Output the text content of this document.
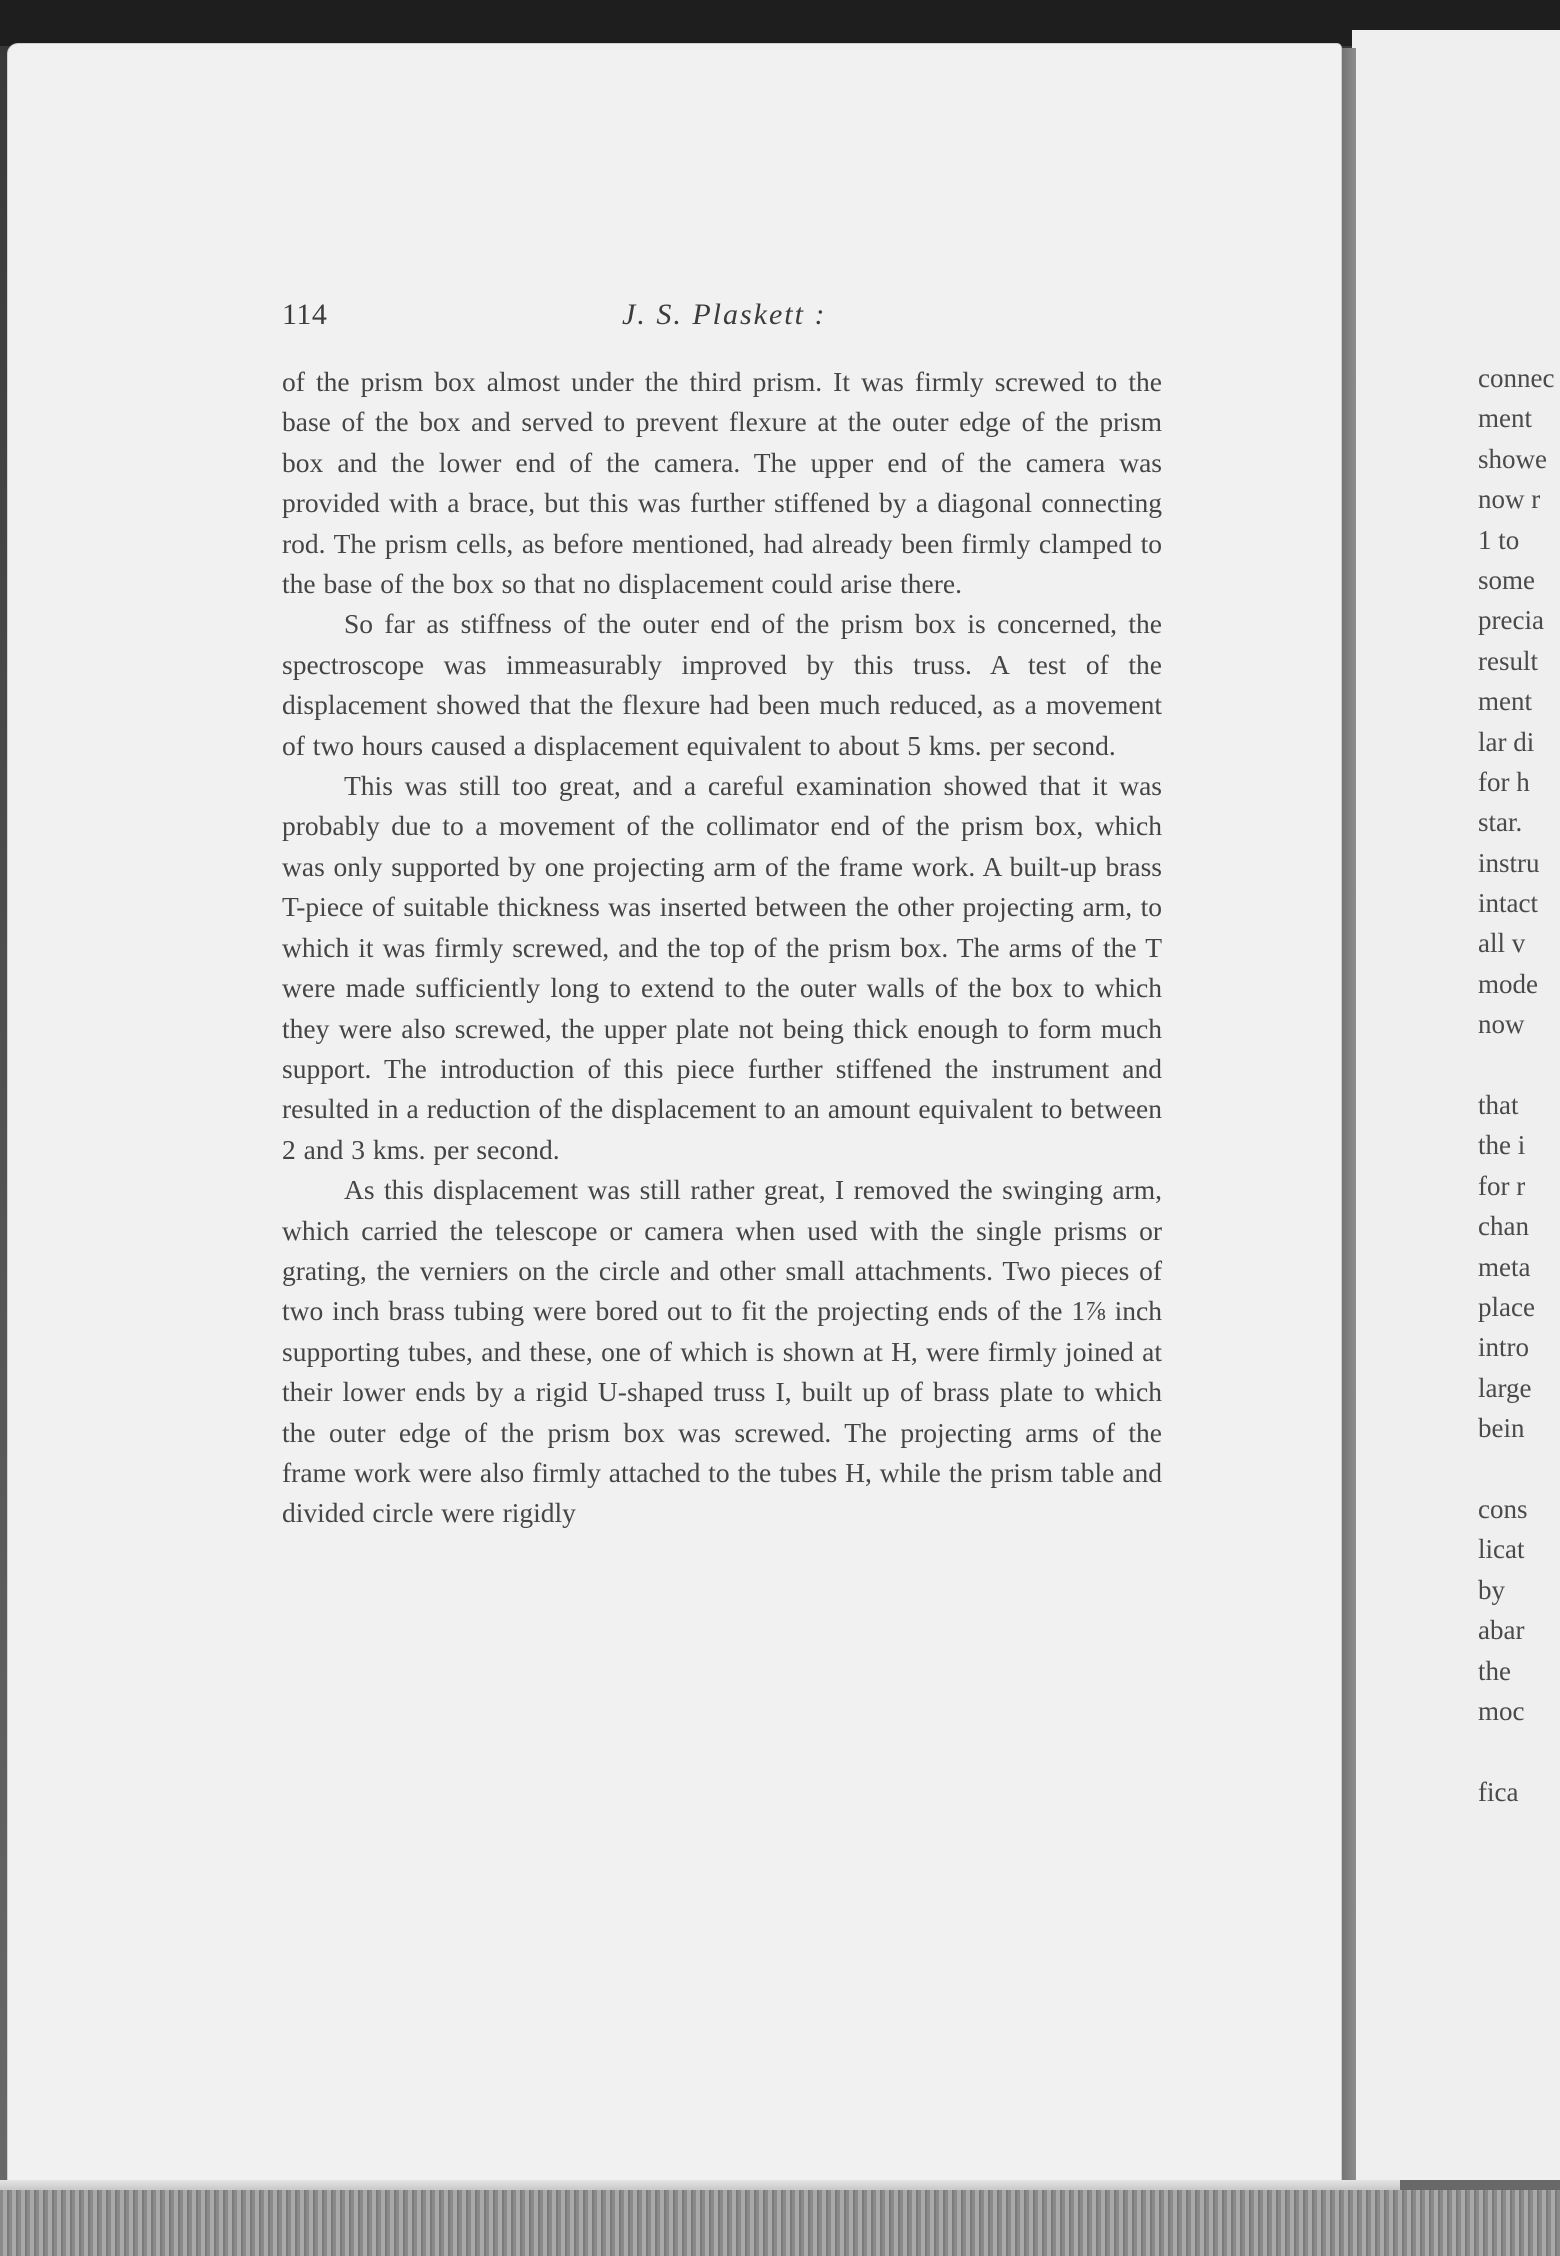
114	J. S. Plaskett :

of the prism box almost under the third prism. It was firmly screwed to the base of the box and served to prevent flexure at the outer edge of the prism box and the lower end of the camera. The upper end of the camera was provided with a brace, but this was further stiffened by a diagonal connecting rod. The prism cells, as before mentioned, had already been firmly clamped to the base of the box so that no displacement could arise there.

So far as stiffness of the outer end of the prism box is concerned, the spectroscope was immeasurably improved by this truss. A test of the displacement showed that the flexure had been much reduced, as a movement of two hours caused a displacement equivalent to about 5 kms. per second.

This was still too great, and a careful examination showed that it was probably due to a movement of the collimator end of the prism box, which was only supported by one projecting arm of the frame work. A built-up brass T-piece of suitable thickness was inserted between the other projecting arm, to which it was firmly screwed, and the top of the prism box. The arms of the T were made sufficiently long to extend to the outer walls of the box to which they were also screwed, the upper plate not being thick enough to form much support. The introduction of this piece further stiffened the instrument and resulted in a reduction of the displacement to an amount equivalent to between 2 and 3 kms. per second.

As this displacement was still rather great, I removed the swinging arm, which carried the telescope or camera when used with the single prisms or grating, the verniers on the circle and other small attachments. Two pieces of two inch brass tubing were bored out to fit the projecting ends of the 1⅞ inch supporting tubes, and these, one of which is shown at H, were firmly joined at their lower ends by a rigid U-shaped truss I, built up of brass plate to which the outer edge of the prism box was screwed. The projecting arms of the frame work were also firmly attached to the tubes H, while the prism table and divided circle were rigidly

connec
ment
showe
now r
1 to
some
precia
result
ment
lar di
for h
star.
instru
intact
all v
mode
now
that
the i
for r
chan
meta
place
intro
large
bein
cons
licat
by
abar
the
moc
fica
